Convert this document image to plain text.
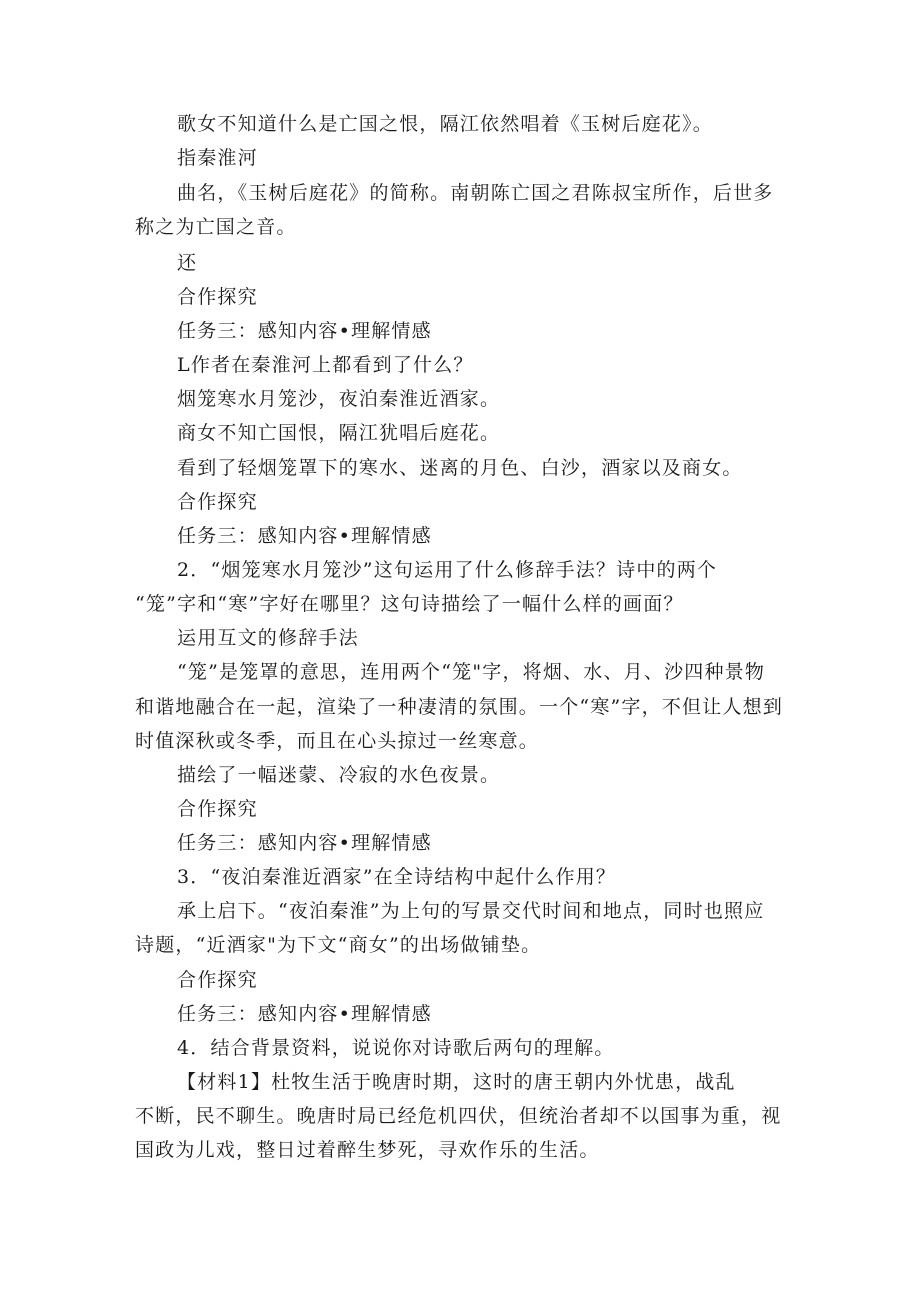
歌女不知道什么是亡国之恨，隔江依然唱着《玉树后庭花》。
指秦淮河
曲名，《玉树后庭花》的简称。南朝陈亡国之君陈叔宝所作，后世多
称之为亡国之音。
还
合作探究
任务三：感知内容•理解情感
L作者在秦淮河上都看到了什么？
烟笼寒水月笼沙，夜泊秦淮近酒家。
商女不知亡国恨，隔江犹唱后庭花。
看到了轻烟笼罩下的寒水、迷离的月色、白沙，酒家以及商女。
合作探究
任务三：感知内容•理解情感
2．“烟笼寒水月笼沙”这句运用了什么修辞手法？诗中的两个
“笼”字和“寒”字好在哪里？这句诗描绘了一幅什么样的画面？
运用互文的修辞手法
“笼”是笼罩的意思，连用两个“笼"字，将烟、水、月、沙四种景物
和谐地融合在一起，渲染了一种凄清的氛围。一个“寒”字，不但让人想到
时值深秋或冬季，而且在心头掠过一丝寒意。
描绘了一幅迷蒙、冷寂的水色夜景。
合作探究
任务三：感知内容•理解情感
3．“夜泊秦淮近酒家”在全诗结构中起什么作用？
承上启下。“夜泊秦淮”为上句的写景交代时间和地点，同时也照应
诗题，“近酒家"为下文“商女”的出场做铺垫。
合作探究
任务三：感知内容•理解情感
4．结合背景资料，说说你对诗歌后两句的理解。
【材料1】杜牧生活于晚唐时期，这时的唐王朝内外忧患，战乱
不断，民不聊生。晚唐时局已经危机四伏，但统治者却不以国事为重，视
国政为儿戏，整日过着醉生梦死，寻欢作乐的生活。
